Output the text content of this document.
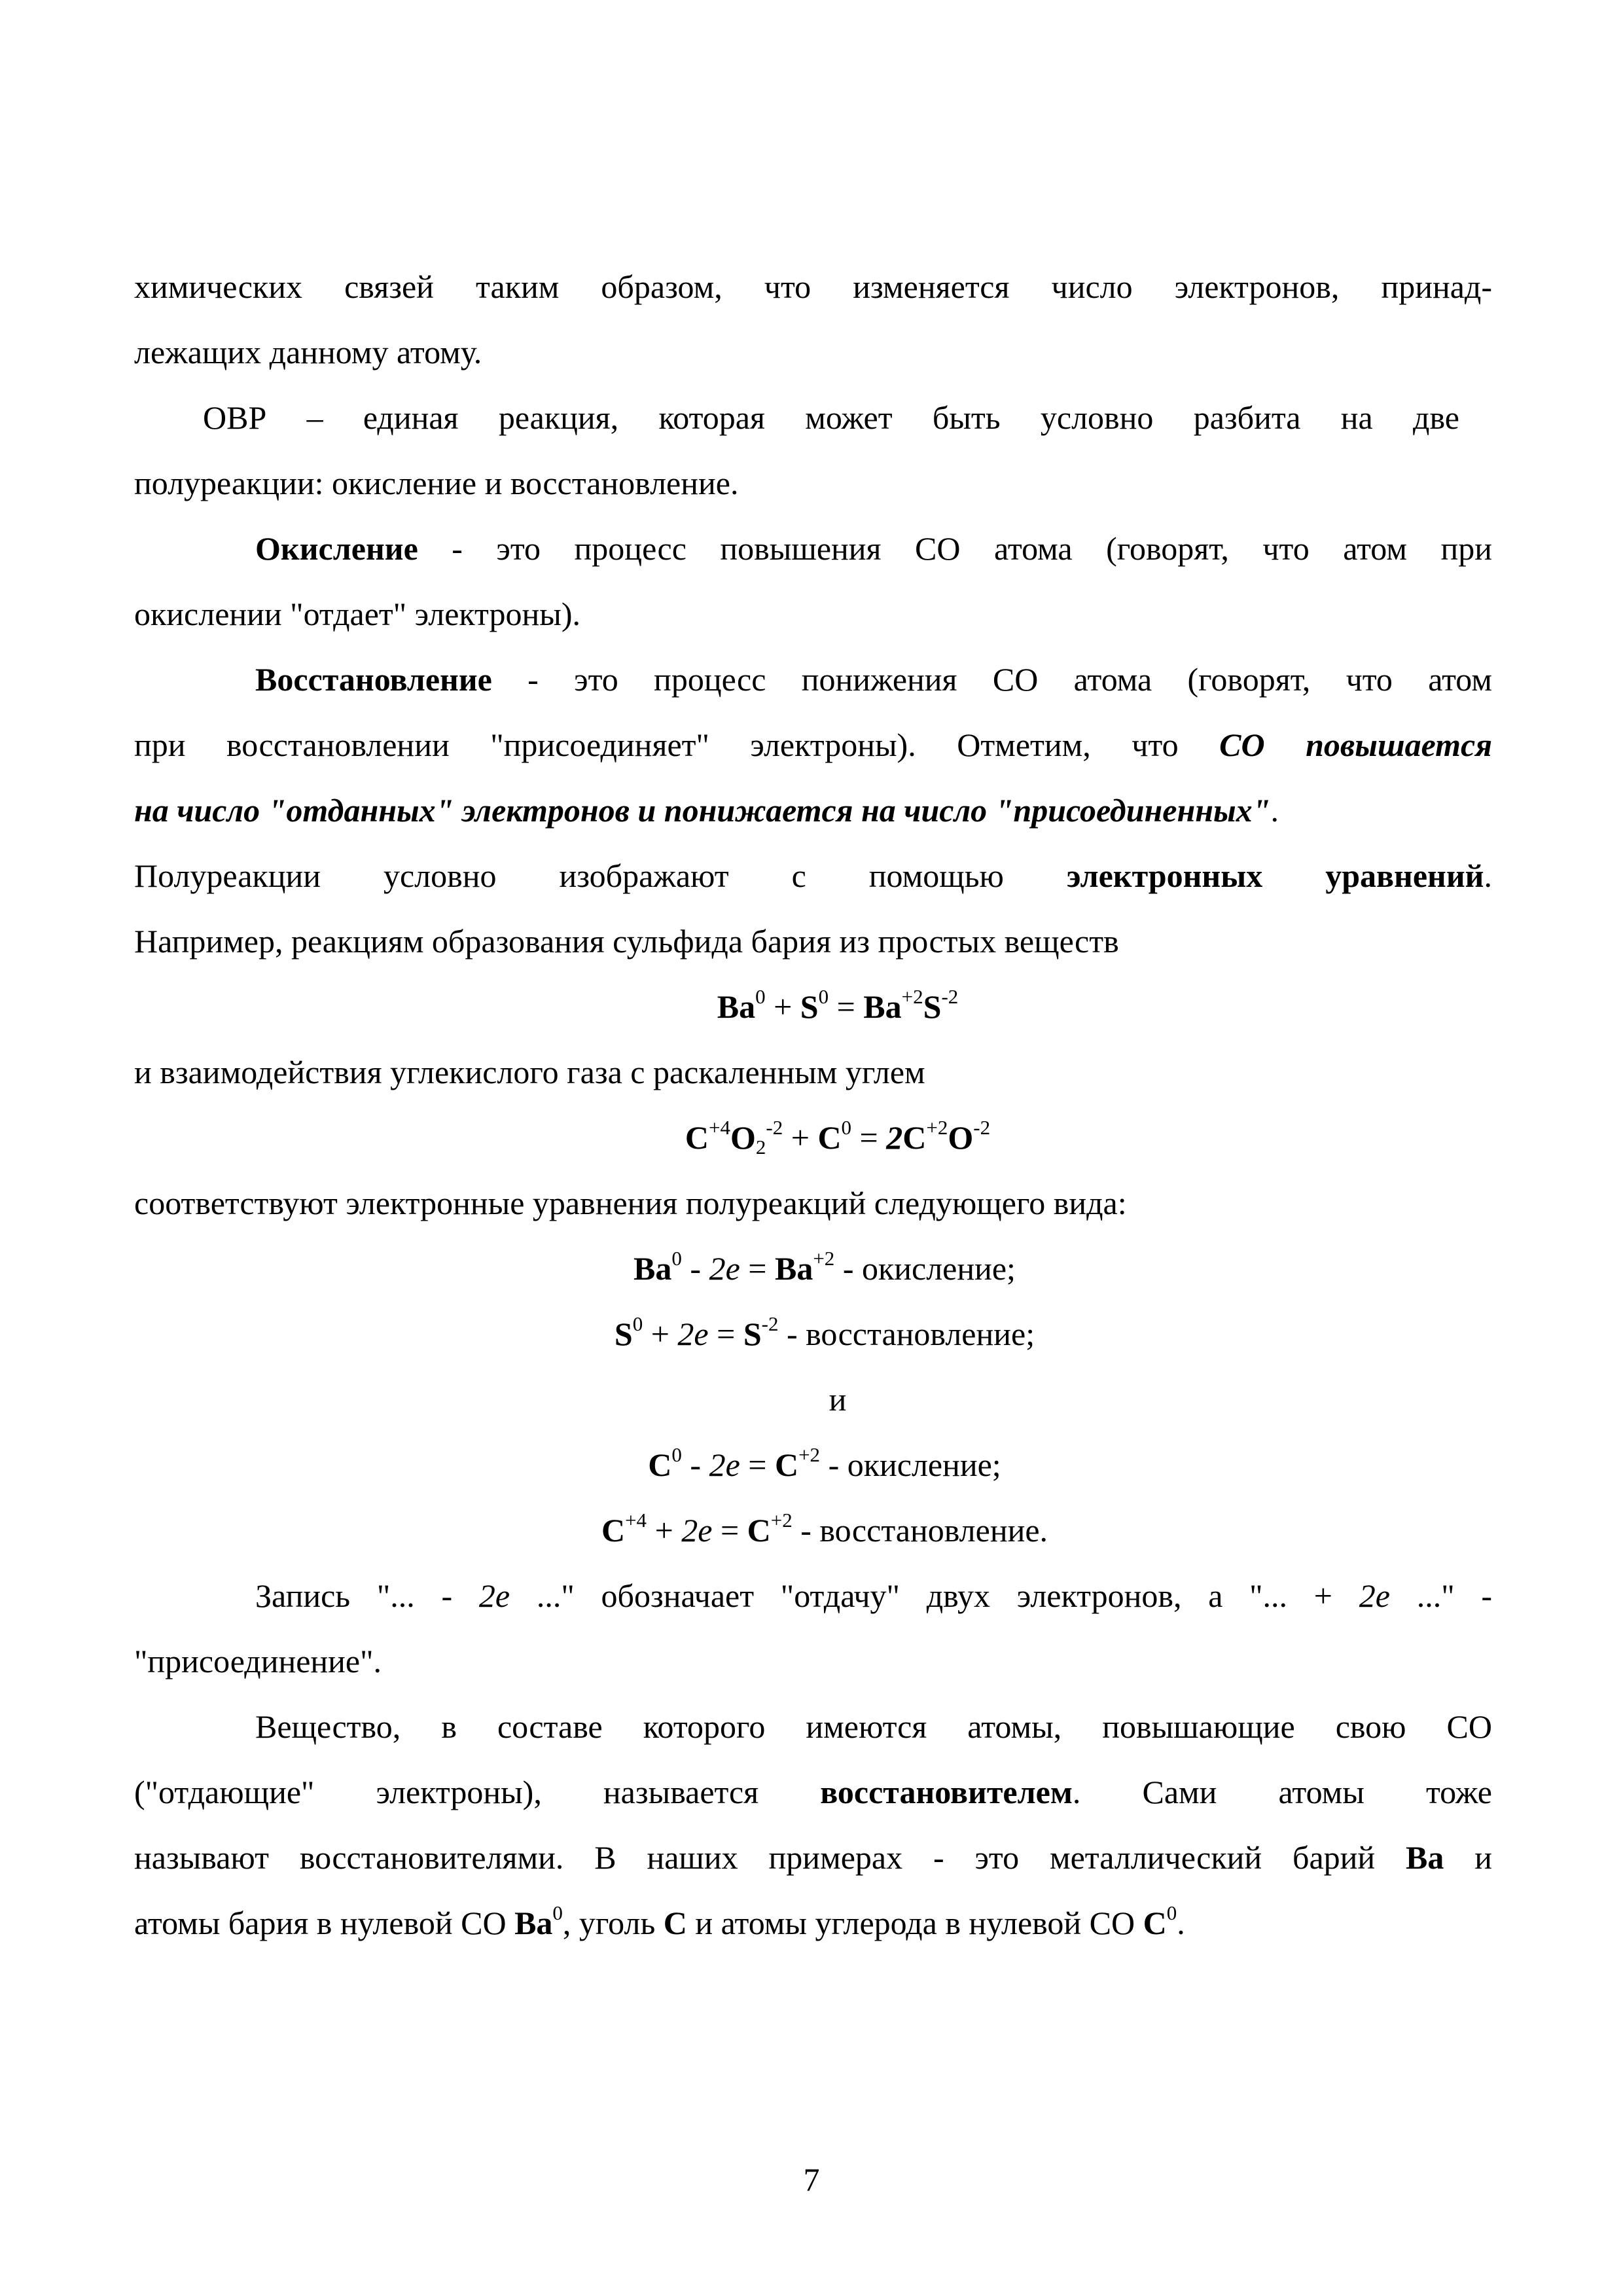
химических связей таким образом, что изменяется число электронов, принад-
лежащих данному атому.
ОВР – единая реакция, которая может быть условно разбита на две
полуреакции: окисление и восстановление.
Окисление - это процесс повышения СО атома (говорят, что атом при
окислении "отдает" электроны).
Восстановление - это процесс понижения СО атома (говорят, что атом
при восстановлении "присоединяет" электроны). Отметим, что СО повышается
на число "отданных" электронов и понижается на число "присоединенных".
Полуреакции условно изображают с помощью электронных уравнений.
Например, реакциям образования сульфида бария из простых веществ
$Ba^0 + S^0 = Ba^{+2}S^{-2}$
и взаимодействия углекислого газа с раскаленным углем
$C^{+4}O_2^{-2} + C^0 = 2C^{+2}O^{-2}$
соответствуют электронные уравнения полуреакций следующего вида:
$Ba^0 - 2e = Ba^{+2}$ - окисление;
$S^0 + 2e = S^{-2}$ - восстановление;
и
$C^0 - 2e = C^{+2}$ - окисление;
$C^{+4} + 2e = C^{+2}$ - восстановление.
Запись "... - 2e ..." обозначает "отдачу" двух электронов, а "... + 2e ..." -
"присоединение".
Вещество, в составе которого имеются атомы, повышающие свою СО
("отдающие" электроны), называется восстановителем. Сами атомы тоже
называют восстановителями. В наших примерах - это металлический барий Ba и
атомы бария в нулевой СО Ba$^0$, уголь C и атомы углерода в нулевой СО $C^0$.
7
